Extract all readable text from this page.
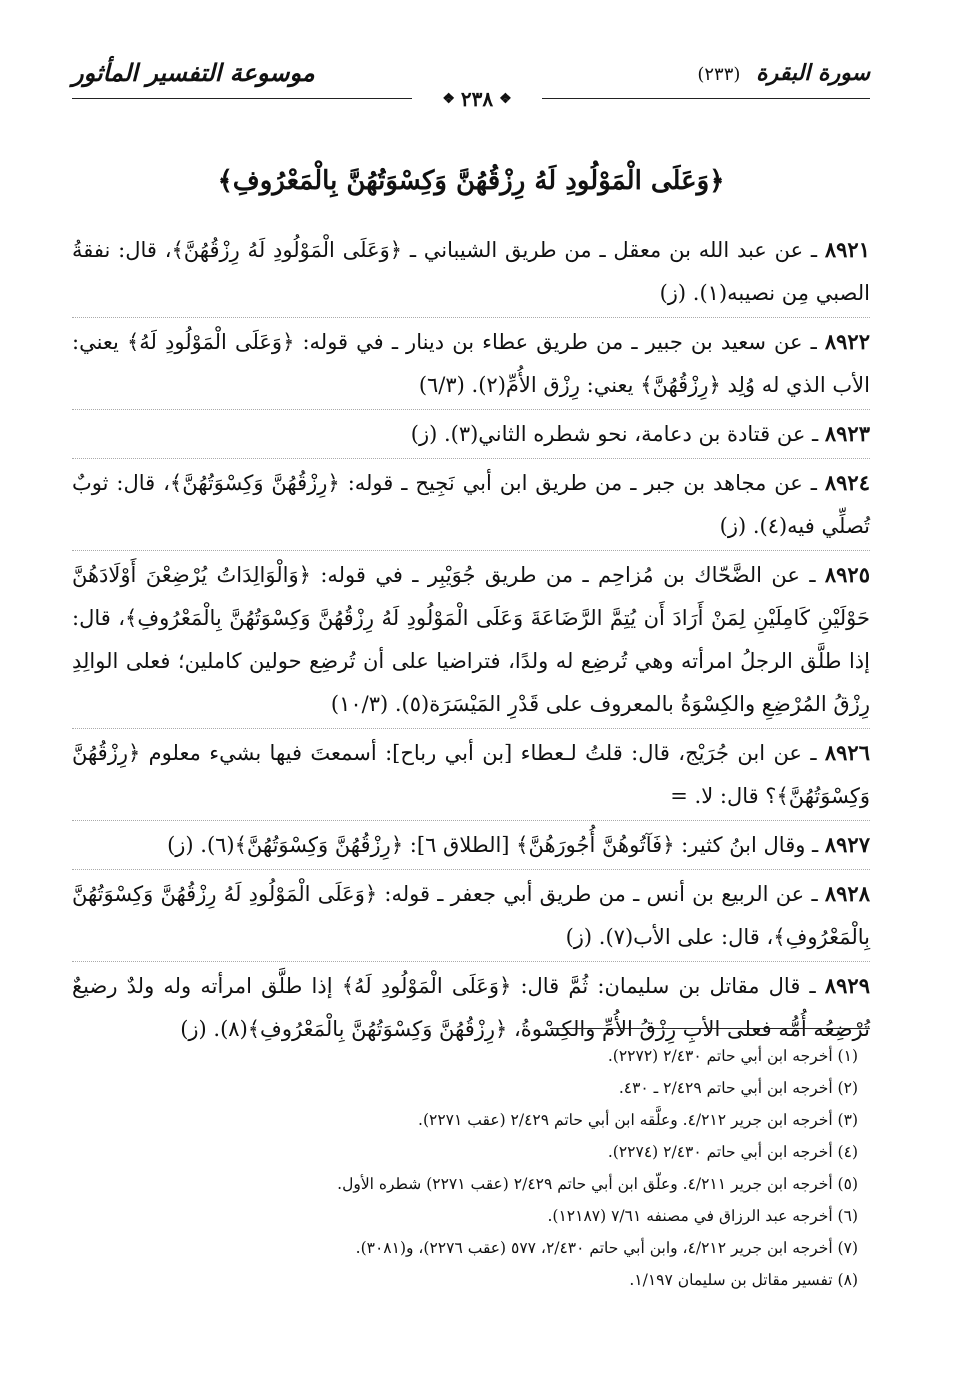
موسوعة التفسير المأثور	سورة البقرة (٢٣٣)
❖ ٢٣٨ ❖
﴿وَعَلَى الْمَوْلُودِ لَهُ رِزْقُهُنَّ وَكِسْوَتُهُنَّ بِالْمَعْرُوفِ﴾
٨٩٢١ ـ عن عبد الله بن معقل ـ من طريق الشيباني ـ ﴿وَعَلَى الْمَوْلُودِ لَهُ رِزْقُهُنَّ﴾، قال: نفقةُ الصبي مِن نصيبه(١). (ز)
٨٩٢٢ ـ عن سعيد بن جبير ـ من طريق عطاء بن دينار ـ في قوله: ﴿وَعَلَى الْمَوْلُودِ لَهُ﴾ يعني: الأب الذي له وُلِد ﴿رِزْقُهُنَّ﴾ يعني: رِزْق الأُمِّ(٢). (٦/٣)
٨٩٢٣ ـ عن قتادة بن دعامة، نحو شطره الثاني(٣). (ز)
٨٩٢٤ ـ عن مجاهد بن جبر ـ من طريق ابن أبي نَجِيح ـ قوله: ﴿رِزْقُهُنَّ وَكِسْوَتُهُنَّ﴾، قال: ثوبٌ تُصلِّي فيه(٤). (ز)
٨٩٢٥ ـ عن الضَّحّاك بن مُزاحِم ـ من طريق جُوَيْبِر ـ في قوله: ﴿وَالْوَالِدَاتُ يُرْضِعْنَ أَوْلَادَهُنَّ حَوْلَيْنِ كَامِلَيْنِ لِمَنْ أَرَادَ أَن يُتِمَّ الرَّضَاعَةَ وَعَلَى الْمَوْلُودِ لَهُ رِزْقُهُنَّ وَكِسْوَتُهُنَّ بِالْمَعْرُوفِ﴾، قال: إذا طلَّق الرجلُ امرأته وهي تُرضِع له ولدًا، فتراضيا على أن تُرضِع حولين كاملين؛ فعلى الوالِدِ رِزْقُ المُرْضِعِ والكِسْوَةُ بالمعروف على قَدْرِ المَيْسَرَة(٥). (١٠/٣)
٨٩٢٦ ـ عن ابن جُرَيْج، قال: قلتُ لـعطاء [بن أبي رباح]: أسمعتَ فيها بشيء معلوم ﴿رِزْقُهُنَّ وَكِسْوَتُهُنَّ﴾؟ قال: لا. =
٨٩٢٧ ـ وقال ابنُ كثير: ﴿فَآتُوهُنَّ أُجُورَهُنَّ﴾ [الطلاق ٦]: ﴿رِزْقُهُنَّ وَكِسْوَتُهُنَّ﴾(٦). (ز)
٨٩٢٨ ـ عن الربيع بن أنس ـ من طريق أبي جعفر ـ قوله: ﴿وَعَلَى الْمَوْلُودِ لَهُ رِزْقُهُنَّ وَكِسْوَتُهُنَّ بِالْمَعْرُوفِ﴾، قال: على الأب(٧). (ز)
٨٩٢٩ ـ قال مقاتل بن سليمان: ثُمَّ قال: ﴿وَعَلَى الْمَوْلُودِ لَهُ﴾ إذا طلَّق امرأته وله ولدٌ رضيعٌ تُرْضِعُه أُمُّه فعلى الأبِ رِزْقُ الأُمِّ والكِسْوةُ، ﴿رِزْقُهُنَّ وَكِسْوَتُهُنَّ بِالْمَعْرُوفِ﴾(٨). (ز)
(١) أخرجه ابن أبي حاتم ٢/٤٣٠ (٢٢٧٢).
(٢) أخرجه ابن أبي حاتم ٢/٤٢٩ ـ ٤٣٠.
(٣) أخرجه ابن جرير ٤/٢١٢. وعلَّقه ابن أبي حاتم ٢/٤٢٩ (عقب ٢٢٧١).
(٤) أخرجه ابن أبي حاتم ٢/٤٣٠ (٢٢٧٤).
(٥) أخرجه ابن جرير ٤/٢١١. وعلّق ابن أبي حاتم ٢/٤٢٩ (عقب ٢٢٧١) شطره الأول.
(٦) أخرجه عبد الرزاق في مصنفه ٧/٦١ (١٢١٨٧).
(٧) أخرجه ابن جرير ٤/٢١٢، وابن أبي حاتم ٢/٤٣٠، ٥٧٧ (عقب ٢٢٧٦)، و(٣٠٨١).
(٨) تفسير مقاتل بن سليمان ١/١٩٧.
